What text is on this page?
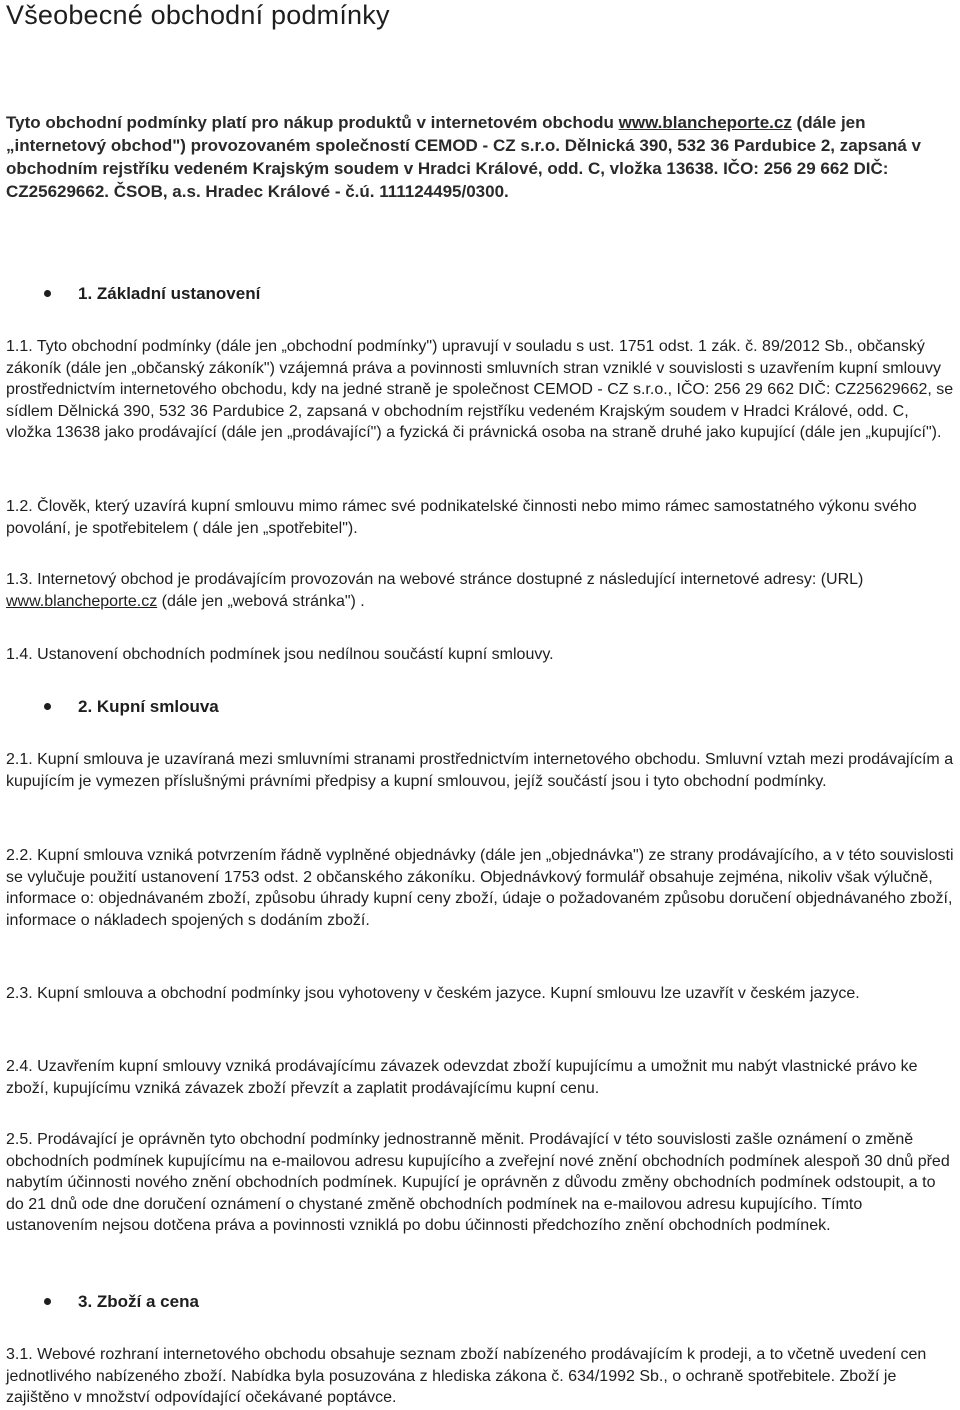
Všeobecné obchodní podmínky
Tyto obchodní podmínky platí pro nákup produktů v internetovém obchodu www.blancheporte.cz (dále jen „internetový obchod") provozovaném společností CEMOD - CZ s.r.o. Dělnická 390, 532 36 Pardubice 2, zapsaná v obchodním rejstříku vedeném Krajským soudem v Hradci Králové, odd. C, vložka 13638. IČO: 256 29 662 DIČ: CZ25629662. ČSOB, a.s. Hradec Králové - č.ú. 111124495/0300.
1. Základní ustanovení
1.1. Tyto obchodní podmínky (dále jen „obchodní podmínky") upravují v souladu s ust. 1751 odst. 1 zák. č. 89/2012 Sb., občanský zákoník (dále jen „občanský zákoník") vzájemná práva a povinnosti smluvních stran vzniklé v souvislosti s uzavřením kupní smlouvy prostřednictvím internetového obchodu, kdy na jedné straně je společnost CEMOD - CZ s.r.o., IČO: 256 29 662 DIČ: CZ25629662, se sídlem Dělnická 390, 532 36 Pardubice 2, zapsaná v obchodním rejstříku vedeném Krajským soudem v Hradci Králové, odd. C, vložka 13638 jako prodávající (dále jen „prodávající") a fyzická či právnická osoba na straně druhé jako kupující (dále jen „kupující").
1.2. Člověk, který uzavírá kupní smlouvu mimo rámec své podnikatelské činnosti nebo mimo rámec samostatného výkonu svého povolání, je spotřebitelem ( dále jen „spotřebitel").
1.3. Internetový obchod je prodávajícím provozován na webové stránce dostupné z následující internetové adresy: (URL) www.blancheporte.cz (dále jen „webová stránka") .
1.4. Ustanovení obchodních podmínek jsou nedílnou součástí kupní smlouvy.
2. Kupní smlouva
2.1. Kupní smlouva je uzavíraná mezi smluvními stranami prostřednictvím internetového obchodu. Smluvní vztah mezi prodávajícím a kupujícím je vymezen příslušnými právními předpisy a kupní smlouvou, jejíž součástí jsou i tyto obchodní podmínky.
2.2. Kupní smlouva vzniká potvrzením řádně vyplněné objednávky (dále jen „objednávka") ze strany prodávajícího, a v této souvislosti se vylučuje použití ustanovení 1753 odst. 2 občanského zákoníku. Objednávkový formulář obsahuje zejména, nikoliv však výlučně, informace o: objednávaném zboží, způsobu úhrady kupní ceny zboží, údaje o požadovaném způsobu doručení objednávaného zboží, informace o nákladech spojených s dodáním zboží.
2.3. Kupní smlouva a obchodní podmínky jsou vyhotoveny v českém jazyce. Kupní smlouvu lze uzavřít v českém jazyce.
2.4. Uzavřením kupní smlouvy vzniká prodávajícímu závazek odevzdat zboží kupujícímu a umožnit mu nabýt vlastnické právo ke zboží, kupujícímu vzniká závazek zboží převzít a zaplatit prodávajícímu kupní cenu.
2.5. Prodávající je oprávněn tyto obchodní podmínky jednostranně měnit. Prodávající v této souvislosti zašle oznámení o změně obchodních podmínek kupujícímu na e-mailovou adresu kupujícího a zveřejní nové znění obchodních podmínek alespoň 30 dnů před nabytím účinnosti nového znění obchodních podmínek. Kupující je oprávněn z důvodu změny obchodních podmínek odstoupit, a to do 21 dnů ode dne doručení oznámení o chystané změně obchodních podmínek na e-mailovou adresu kupujícího. Tímto ustanovením nejsou dotčena práva a povinnosti vzniklá po dobu účinnosti předchozího znění obchodních podmínek.
3. Zboží a cena
3.1. Webové rozhraní internetového obchodu obsahuje seznam zboží nabízeného prodávajícím k prodeji, a to včetně uvedení cen jednotlivého nabízeného zboží. Nabídka byla posuzována z hlediska zákona č. 634/1992 Sb., o ochraně spotřebitele. Zboží je zajištěno v množství odpovídající očekávané poptávce.
